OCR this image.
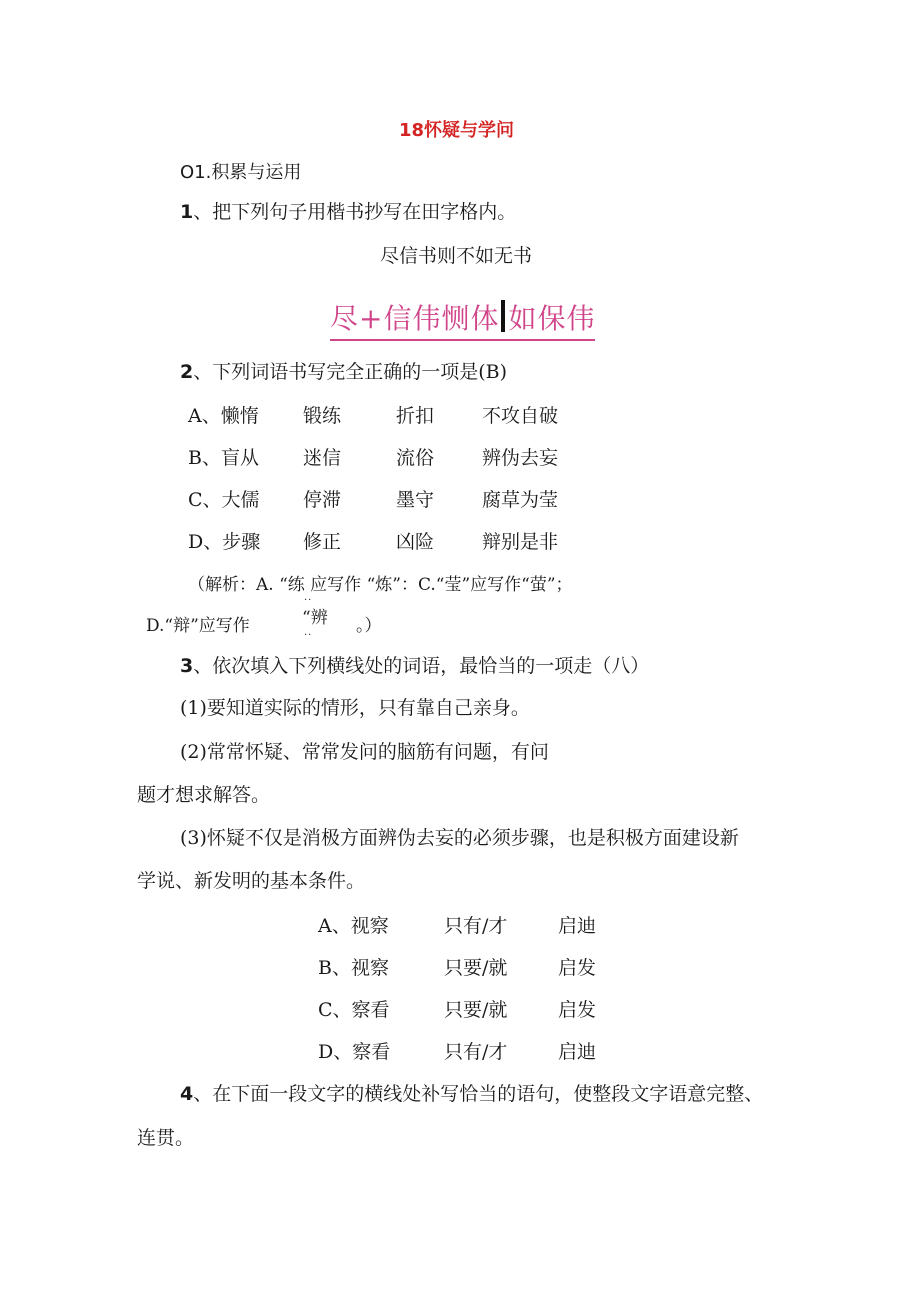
18怀疑与学问
O1.积累与运用
1、把下列句子用楷书抄写在田字格内。
尽信书则不如无书
尽+信伟恻体 如保伟
2、下列词语书写完全正确的一项是(B)
A、懒惰 锻练	折扣	不攻自破
B、盲从 迷信	流俗	辨伪去妄
C、大儒 停滞	墨守	腐草为莹
D、步骤 修正	凶险	辩别是非
（解析：A. “练 应写作 “炼”：C.“莹”应写作“萤”；
D.“辩”应写作
..
“辨
..	。）
3、依次填入下列横线处的词语，最恰当的一项走（八）
(1)要知道实际的情形，只有靠自己亲身。
(2)常常怀疑、常常发问的脑筋有问题，有问
题才想求解答。
(3)怀疑不仅是消极方面辨伪去妄的必须步骤，也是积极方面建设新
学说、新发明的基本条件。
A、视察	只有/才	启迪
B、视察	只要/就	启发
C、察看	只要/就	启发
D、察看	只有/才	启迪
4、在下面一段文字的横线处补写恰当的语句，使整段文字语意完整、
连贯。
